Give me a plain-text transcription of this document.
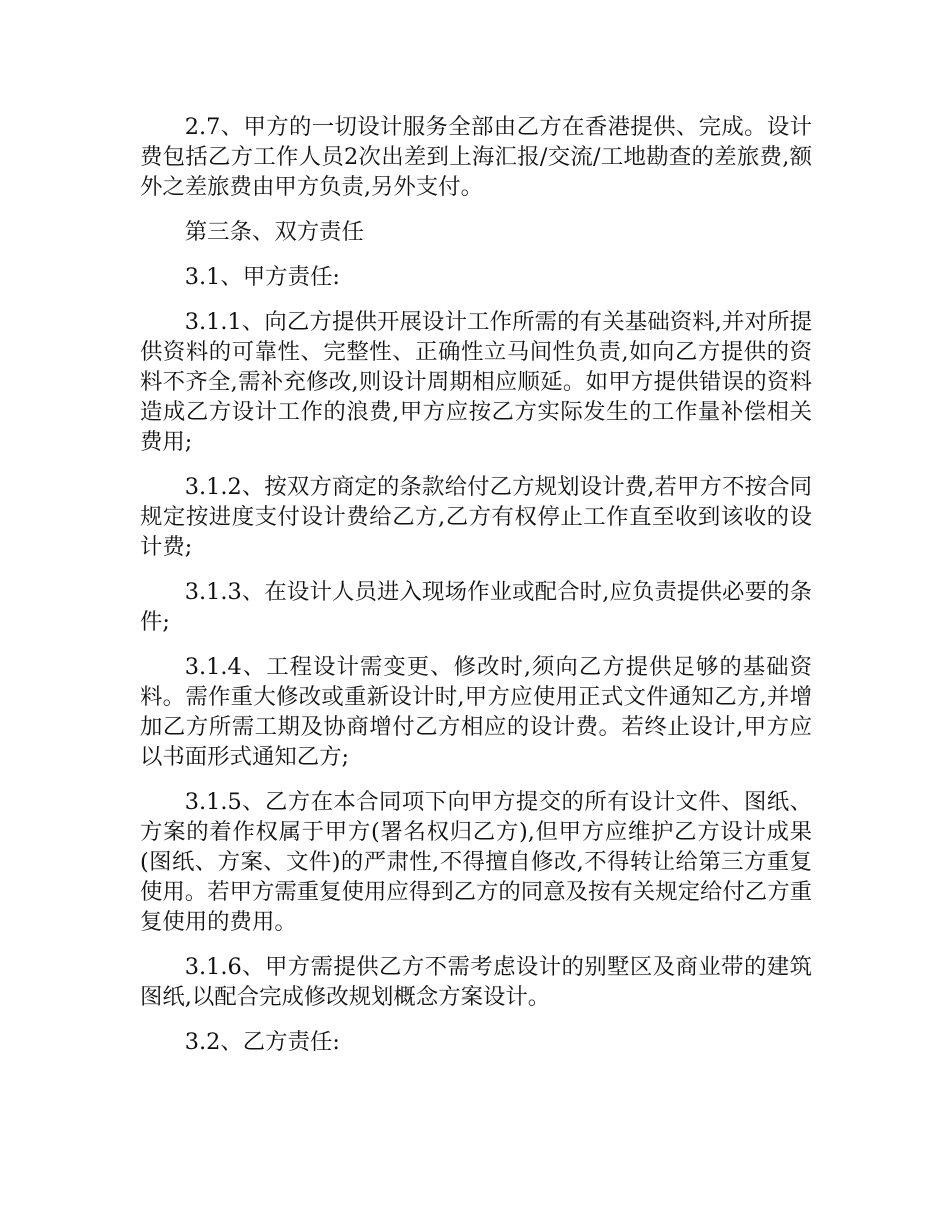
2.7、甲方的一切设计服务全部由乙方在香港提供、完成。设计费包括乙方工作人员2次出差到上海汇报/交流/工地勘查的差旅费,额外之差旅费由甲方负责,另外支付。

第三条、双方责任

3.1、甲方责任:

3.1.1、向乙方提供开展设计工作所需的有关基础资料,并对所提供资料的可靠性、完整性、正确性立马间性负责,如向乙方提供的资料不齐全,需补充修改,则设计周期相应顺延。如甲方提供错误的资料造成乙方设计工作的浪费,甲方应按乙方实际发生的工作量补偿相关费用;

3.1.2、按双方商定的条款给付乙方规划设计费,若甲方不按合同规定按进度支付设计费给乙方,乙方有权停止工作直至收到该收的设计费;

3.1.3、在设计人员进入现场作业或配合时,应负责提供必要的条件;

3.1.4、工程设计需变更、修改时,须向乙方提供足够的基础资料。需作重大修改或重新设计时,甲方应使用正式文件通知乙方,并增加乙方所需工期及协商增付乙方相应的设计费。若终止设计,甲方应以书面形式通知乙方;

3.1.5、乙方在本合同项下向甲方提交的所有设计文件、图纸、方案的着作权属于甲方(署名权归乙方),但甲方应维护乙方设计成果(图纸、方案、文件)的严肃性,不得擅自修改,不得转让给第三方重复使用。若甲方需重复使用应得到乙方的同意及按有关规定给付乙方重复使用的费用。

3.1.6、甲方需提供乙方不需考虑设计的别墅区及商业带的建筑图纸,以配合完成修改规划概念方案设计。

3.2、乙方责任:
